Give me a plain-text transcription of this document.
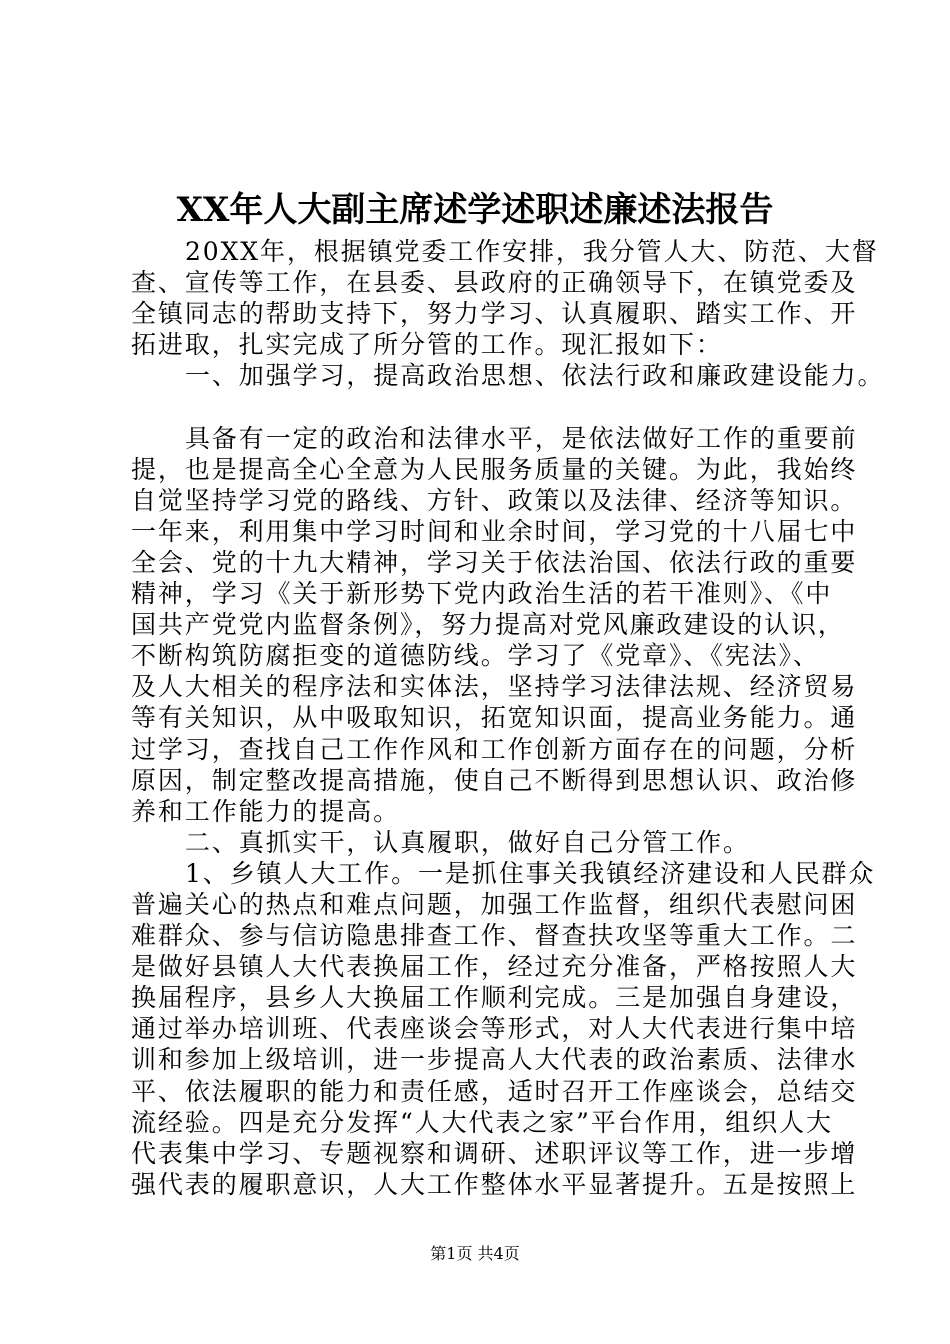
XX年人大副主席述学述职述廉述法报告
20XX年，根据镇党委工作安排，我分管人大、防范、大督
查、宣传等工作，在县委、县政府的正确领导下，在镇党委及
全镇同志的帮助支持下，努力学习、认真履职、踏实工作、开
拓进取，扎实完成了所分管的工作。现汇报如下：
一、加强学习，提高政治思想、依法行政和廉政建设能力。
具备有一定的政治和法律水平，是依法做好工作的重要前
提，也是提高全心全意为人民服务质量的关键。为此，我始终
自觉坚持学习党的路线、方针、政策以及法律、经济等知识。
一年来，利用集中学习时间和业余时间，学习党的十八届七中
全会、党的十九大精神，学习关于依法治国、依法行政的重要
精神，学习《关于新形势下党内政治生活的若干准则》、《中
国共产党党内监督条例》，努力提高对党风廉政建设的认识，
不断构筑防腐拒变的道德防线。学习了《党章》、《宪法》、
及人大相关的程序法和实体法，坚持学习法律法规、经济贸易
等有关知识，从中吸取知识，拓宽知识面，提高业务能力。通
过学习，查找自己工作作风和工作创新方面存在的问题，分析
原因，制定整改提高措施，使自己不断得到思想认识、政治修
养和工作能力的提高。
二、真抓实干，认真履职，做好自己分管工作。
1、乡镇人大工作。一是抓住事关我镇经济建设和人民群众
普遍关心的热点和难点问题，加强工作监督，组织代表慰问困
难群众、参与信访隐患排查工作、督查扶攻坚等重大工作。二
是做好县镇人大代表换届工作，经过充分准备，严格按照人大
换届程序，县乡人大换届工作顺利完成。三是加强自身建设，
通过举办培训班、代表座谈会等形式，对人大代表进行集中培
训和参加上级培训，进一步提高人大代表的政治素质、法律水
平、依法履职的能力和责任感，适时召开工作座谈会，总结交
流经验。四是充分发挥“人大代表之家”平台作用，组织人大
代表集中学习、专题视察和调研、述职评议等工作，进一步增
强代表的履职意识，人大工作整体水平显著提升。五是按照上
第1页 共4页
